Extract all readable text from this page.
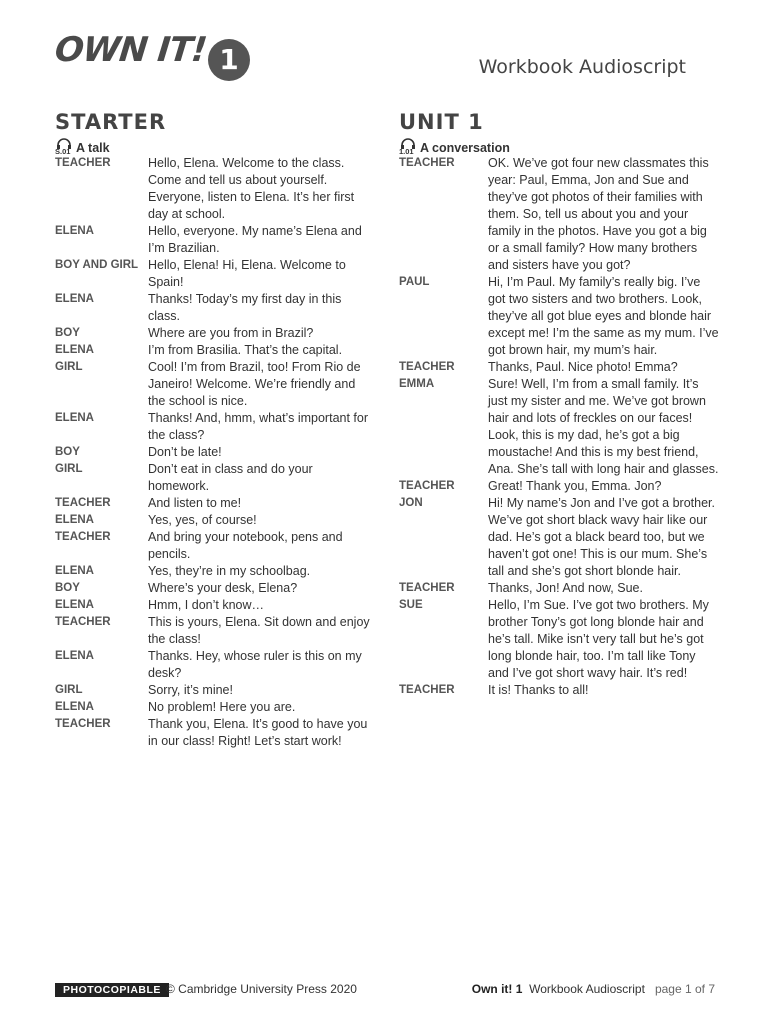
OWN IT! 1	Workbook Audioscript
STARTER
S.01 A talk
TEACHER	Hello, Elena. Welcome to the class. Come and tell us about yourself. Everyone, listen to Elena. It’s her first day at school.
ELENA	Hello, everyone. My name’s Elena and I’m Brazilian.
BOY AND GIRL Hello, Elena! Hi, Elena. Welcome to Spain!
ELENA	Thanks! Today’s my first day in this class.
BOY	Where are you from in Brazil?
ELENA	I’m from Brasilia. That’s the capital.
GIRL	Cool! I’m from Brazil, too! From Rio de Janeiro! Welcome. We’re friendly and the school is nice.
ELENA	Thanks! And, hmm, what’s important for the class?
BOY	Don’t be late!
GIRL	Don’t eat in class and do your homework.
TEACHER	And listen to me!
ELENA	Yes, yes, of course!
TEACHER	And bring your notebook, pens and pencils.
ELENA	Yes, they’re in my schoolbag.
BOY	Where’s your desk, Elena?
ELENA	Hmm, I don’t know…
TEACHER	This is yours, Elena. Sit down and enjoy the class!
ELENA	Thanks. Hey, whose ruler is this on my desk?
GIRL	Sorry, it’s mine!
ELENA	No problem! Here you are.
TEACHER	Thank you, Elena. It’s good to have you in our class! Right! Let’s start work!
UNIT 1
1.01 A conversation
TEACHER	OK. We’ve got four new classmates this year: Paul, Emma, Jon and Sue and they’ve got photos of their families with them. So, tell us about you and your family in the photos. Have you got a big or a small family? How many brothers and sisters have you got?
PAUL	Hi, I’m Paul. My family’s really big. I’ve got two sisters and two brothers. Look, they’ve all got blue eyes and blonde hair except me! I’m the same as my mum. I’ve got brown hair, my mum’s hair.
TEACHER	Thanks, Paul. Nice photo! Emma?
EMMA	Sure! Well, I’m from a small family. It’s just my sister and me. We’ve got brown hair and lots of freckles on our faces! Look, this is my dad, he’s got a big moustache! And this is my best friend, Ana. She’s tall with long hair and glasses.
TEACHER	Great! Thank you, Emma. Jon?
JON	Hi! My name’s Jon and I’ve got a brother. We’ve got short black wavy hair like our dad. He’s got a black beard too, but we haven’t got one! This is our mum. She’s tall and she’s got short blonde hair.
TEACHER	Thanks, Jon! And now, Sue.
SUE	Hello, I’m Sue. I’ve got two brothers. My brother Tony’s got long blonde hair and he’s tall. Mike isn’t very tall but he’s got long blonde hair, too. I’m tall like Tony and I’ve got short wavy hair. It’s red!
TEACHER	It is! Thanks to all!
PHOTOCOPIABLE © Cambridge University Press 2020	Own it! 1 Workbook Audioscript page 1 of 7
